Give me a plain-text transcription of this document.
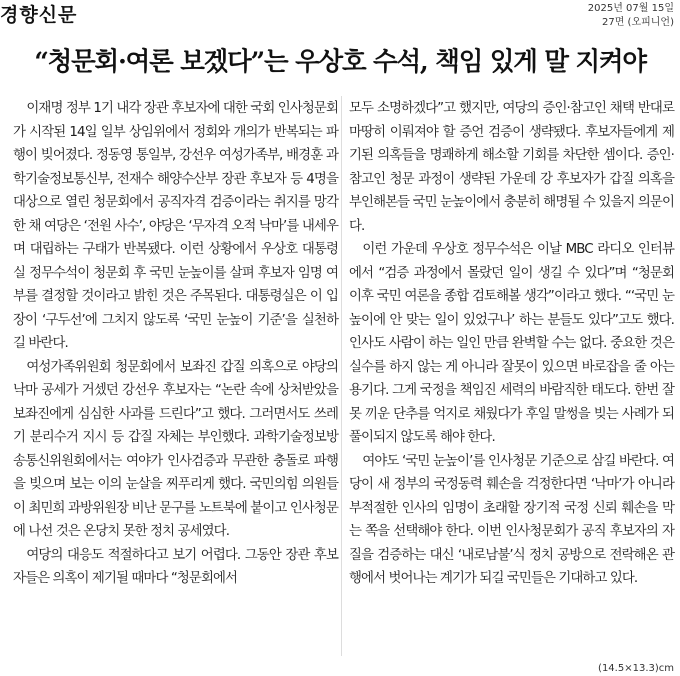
경향신문	2025년 07월 15일
27면 (오피니언)
“청문회·여론 보겠다”는 우상호 수석, 책임 있게 말 지켜야

이재명 정부 1기 내각 장관 후보자에 대한 국회 인사청문회가 시작된 14일 일부 상임위에서 정회와 개의가 반복되는 파행이 빚어졌다. 정동영 통일부, 강선우 여성가족부, 배경훈 과학기술정보통신부, 전재수 해양수산부 장관 후보자 등 4명을 대상으로 열린 청문회에서 공직자격 검증이라는 취지를 망각한 채 여당은 ‘전원 사수’, 야당은 ‘무자격 오적 낙마’를 내세우며 대립하는 구태가 반복됐다. 이런 상황에서 우상호 대통령실 정무수석이 청문회 후 국민 눈높이를 살펴 후보자 임명 여부를 결정할 것이라고 밝힌 것은 주목된다. 대통령실은 이 입장이 ‘구두선’에 그치지 않도록 ‘국민 눈높이 기준’을 실천하길 바란다.

여성가족위원회 청문회에서 보좌진 갑질 의혹으로 야당의 낙마 공세가 거셌던 강선우 후보자는 “논란 속에 상처받았을 보좌진에게 심심한 사과를 드린다”고 했다. 그러면서도 쓰레기 분리수거 지시 등 갑질 자체는 부인했다. 과학기술정보방송통신위원회에서는 여야가 인사검증과 무관한 충돌로 파행을 빚으며 보는 이의 눈살을 찌푸리게 했다. 국민의힘 의원들이 최민희 과방위원장 비난 문구를 노트북에 붙이고 인사청문에 나선 것은 온당치 못한 정치 공세였다.

여당의 대응도 적절하다고 보기 어렵다. 그동안 장관 후보자들은 의혹이 제기될 때마다 “청문회에서

모두 소명하겠다”고 했지만, 여당의 증인·참고인 채택 반대로 마땅히 이뤄져야 할 증언 검증이 생략됐다. 후보자들에게 제기된 의혹들을 명쾌하게 해소할 기회를 차단한 셈이다. 증인·참고인 청문 과정이 생략된 가운데 강 후보자가 갑질 의혹을 부인해본들 국민 눈높이에서 충분히 해명될 수 있을지 의문이다.

이런 가운데 우상호 정무수석은 이날 MBC 라디오 인터뷰에서 “검증 과정에서 몰랐던 일이 생길 수 있다”며 “청문회 이후 국민 여론을 종합 검토해볼 생각”이라고 했다. “‘국민 눈높이에 안 맞는 일이 있었구나’ 하는 분들도 있다”고도 했다. 인사도 사람이 하는 일인 만큼 완벽할 수는 없다. 중요한 것은 실수를 하지 않는 게 아니라 잘못이 있으면 바로잡을 줄 아는 용기다. 그게 국정을 책임진 세력의 바람직한 태도다. 한번 잘못 끼운 단추를 억지로 채웠다가 후일 말썽을 빚는 사례가 되풀이되지 않도록 해야 한다.

여야도 ‘국민 눈높이’를 인사청문 기준으로 삼길 바란다. 여당이 새 정부의 국정동력 훼손을 걱정한다면 ‘낙마’가 아니라 부적절한 인사의 임명이 초래할 장기적 국정 신뢰 훼손을 막는 쪽을 선택해야 한다. 이번 인사청문회가 공직 후보자의 자질을 검증하는 대신 ‘내로남불’식 정치 공방으로 전락해온 관행에서 벗어나는 계기가 되길 국민들은 기대하고 있다.

(14.5×13.3)cm
